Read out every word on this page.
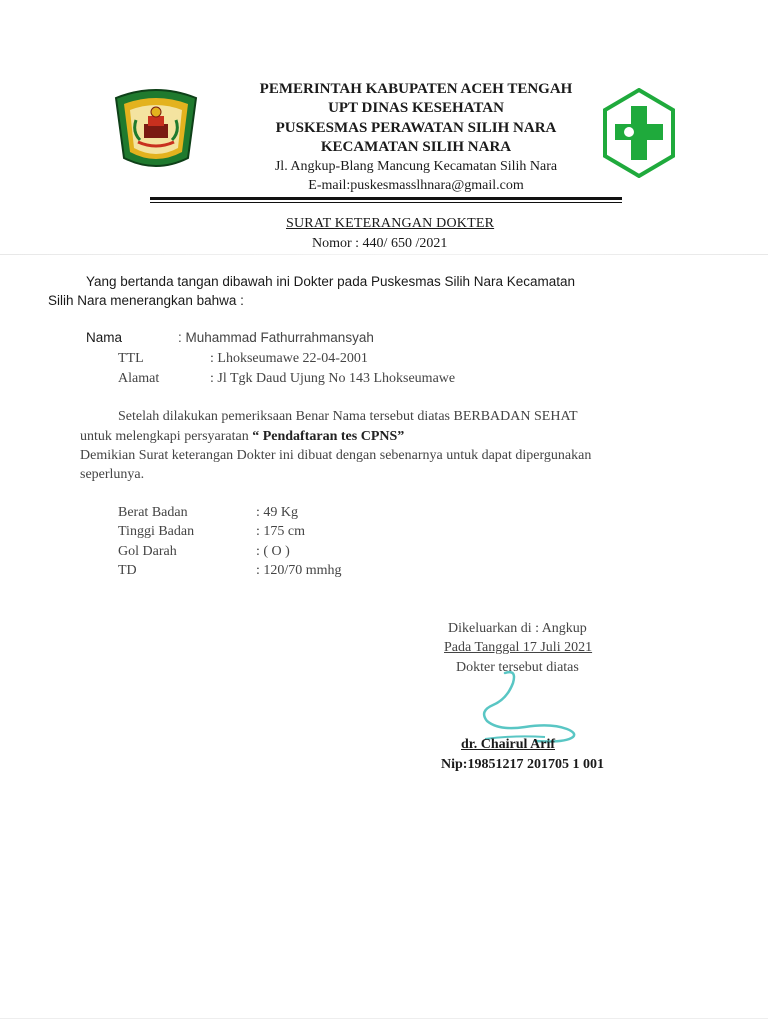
PEMERINTAH KABUPATEN ACEH TENGAH
UPT DINAS KESEHATAN
PUSKESMAS PERAWATAN SILIH NARA
KECAMATAN SILIH NARA
Jl. Angkup-Blang Mancung Kecamatan Silih Nara
E-mail:puskesmasslhnara@gmail.com
SURAT KETERANGAN DOKTER
Nomor : 440/ 650 /2021
Yang bertanda tangan dibawah ini Dokter pada Puskesmas Silih Nara Kecamatan
Silih Nara menerangkan bahwa :
Nama	: Muhammad Fathurrahmansyah
TTL	: Lhokseumawe 22-04-2001
Alamat	: Jl Tgk Daud Ujung No 143 Lhokseumawe
Setelah dilakukan pemeriksaan Benar Nama tersebut diatas BERBADAN SEHAT
untuk melengkapi persyaratan “ Pendaftaran tes CPNS”
Demikian Surat keterangan Dokter ini dibuat dengan sebenarnya untuk dapat dipergunakan
seperlunya.
Berat Badan	: 49 Kg
Tinggi Badan	: 175 cm
Gol Darah	: ( O )
TD	: 120/70 mmhg
Dikeluarkan di : Angkup
Pada Tanggal 17 Juli 2021
Dokter tersebut diatas
dr. Chairul Arif
Nip:19851217 201705 1 001
